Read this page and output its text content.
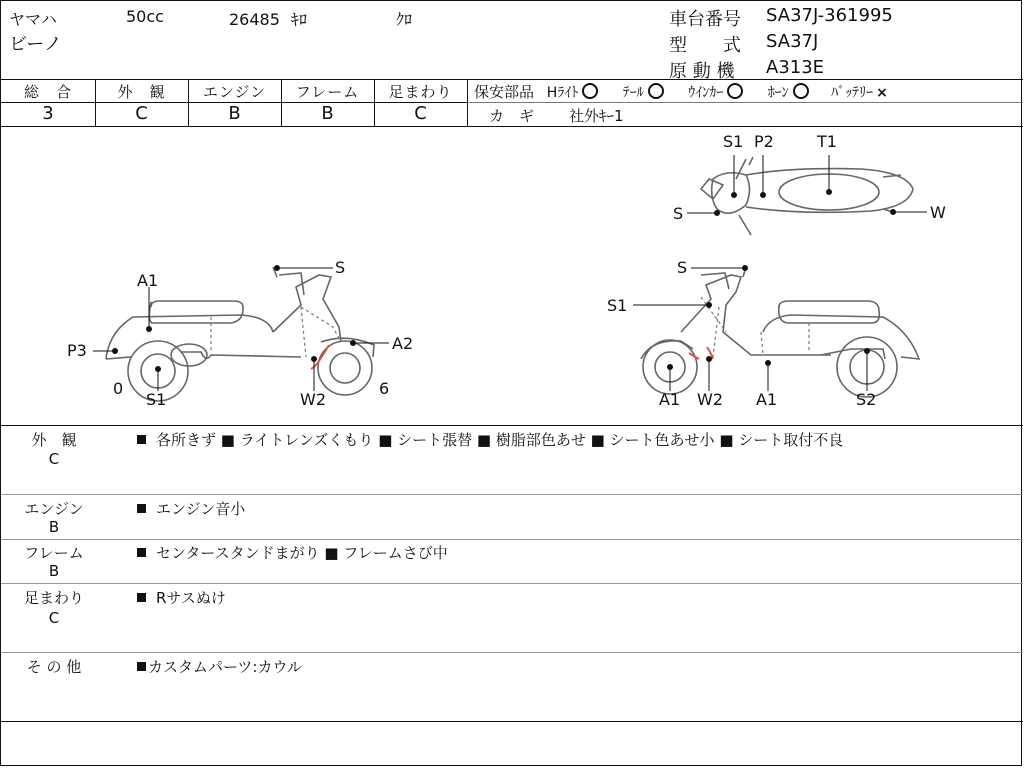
ヤマハ	50cc	26485 ｷﾛ	ｸﾛ
ビーノ
車台番号 SA37J-361995
型　　式 SA37J
原 動 機 A313E
総　合
3
外　観
C
エンジン
B
フレーム
B
足まわり
C
保安部品 Hﾗｲﾄ	ﾃｰﾙ	ｳｲﾝｶｰ	ﾎｰﾝ	ﾊﾞｯﾃﾘｰ ×
カ　ギ 社外ｷｰ1
S1 P2	T1
S	W
A1
S
P3	A2
0
S1	W2
6
S
S1
A1 W2 A1	S2
外　観
C
各所きず ■ ライトレンズくもり ■ シート張替 ■ 樹脂部色あせ ■ シート色あせ小 ■ シート取付不良
エンジン
B
エンジン音小
フレーム
B
センタースタンドまがり ■ フレームさび中
足まわり
C
Rサスぬけ
そ の 他	カスタムパーツ:カウル
